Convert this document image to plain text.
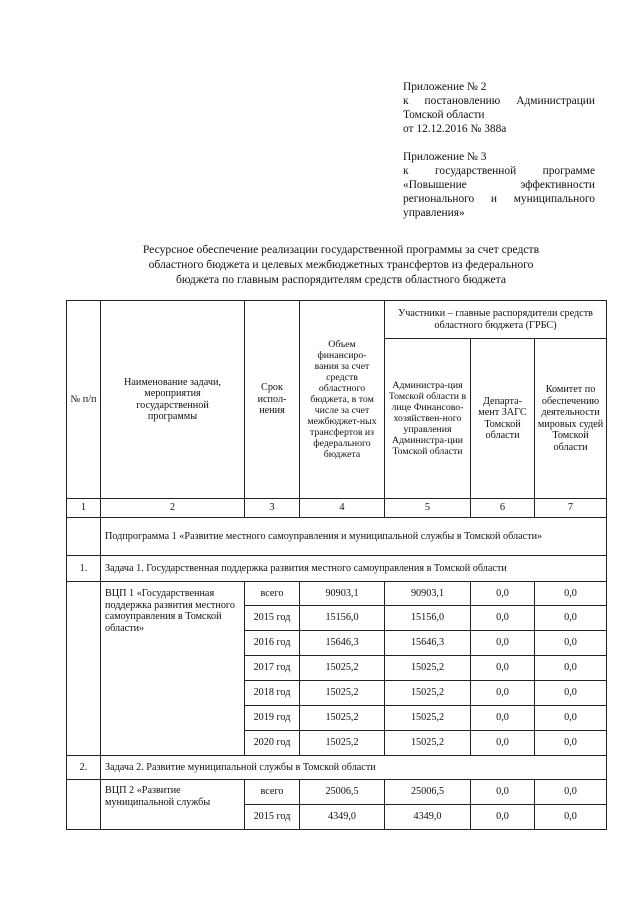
Приложение № 2

к постановлению Администрации

Томской области

от 12.12.2016 № 388а

Приложение № 3

к государственной программе

«Повышение эффективности

регионального и муниципального

управления»

Ресурсное обеспечение реализации государственной программы за счет средств
областного бюджета и целевых межбюджетных трансфертов из федерального
бюджета по главным распорядителям средств областного бюджета
№ п/п	Наименование задачи, мероприятия государственной программы	Срок испол-нения	Объем финансиро-вания за счет средств областного бюджета, в том числе за счет межбюджет-ных трансфертов из федерального бюджета	Участники – главные распорядители средств областного бюджета (ГРБС)		
				Администра-ция Томской области в лице Финансово-хозяйствен-ного управления Администра-ции Томской области	Департа-мент ЗАГС Томской области	Комитет по обеспечению деятельности мировых судей Томской области
1	2	3	4	5	6	7
	Подпрограмма 1 «Развитие местного самоуправления и муниципальной службы в Томской области»					
1.	Задача 1. Государственная поддержка развития местного самоуправления в Томской области					
	ВЦП 1 «Государственная поддержка развития местного самоуправления в Томской области»	всего	90903,1	90903,1	0,0	0,0
		2015 год	15156,0	15156,0	0,0	0,0
		2016 год	15646,3	15646,3	0,0	0,0
		2017 год	15025,2	15025,2	0,0	0,0
		2018 год	15025,2	15025,2	0,0	0,0
		2019 год	15025,2	15025,2	0,0	0,0
		2020 год	15025,2	15025,2	0,0	0,0
2.	Задача 2. Развитие муниципальной службы в Томской области					
	ВЦП 2 «Развитие муниципальной службы	всего	25006,5	25006,5	0,0	0,0
		2015 год	4349,0	4349,0	0,0	0,0
